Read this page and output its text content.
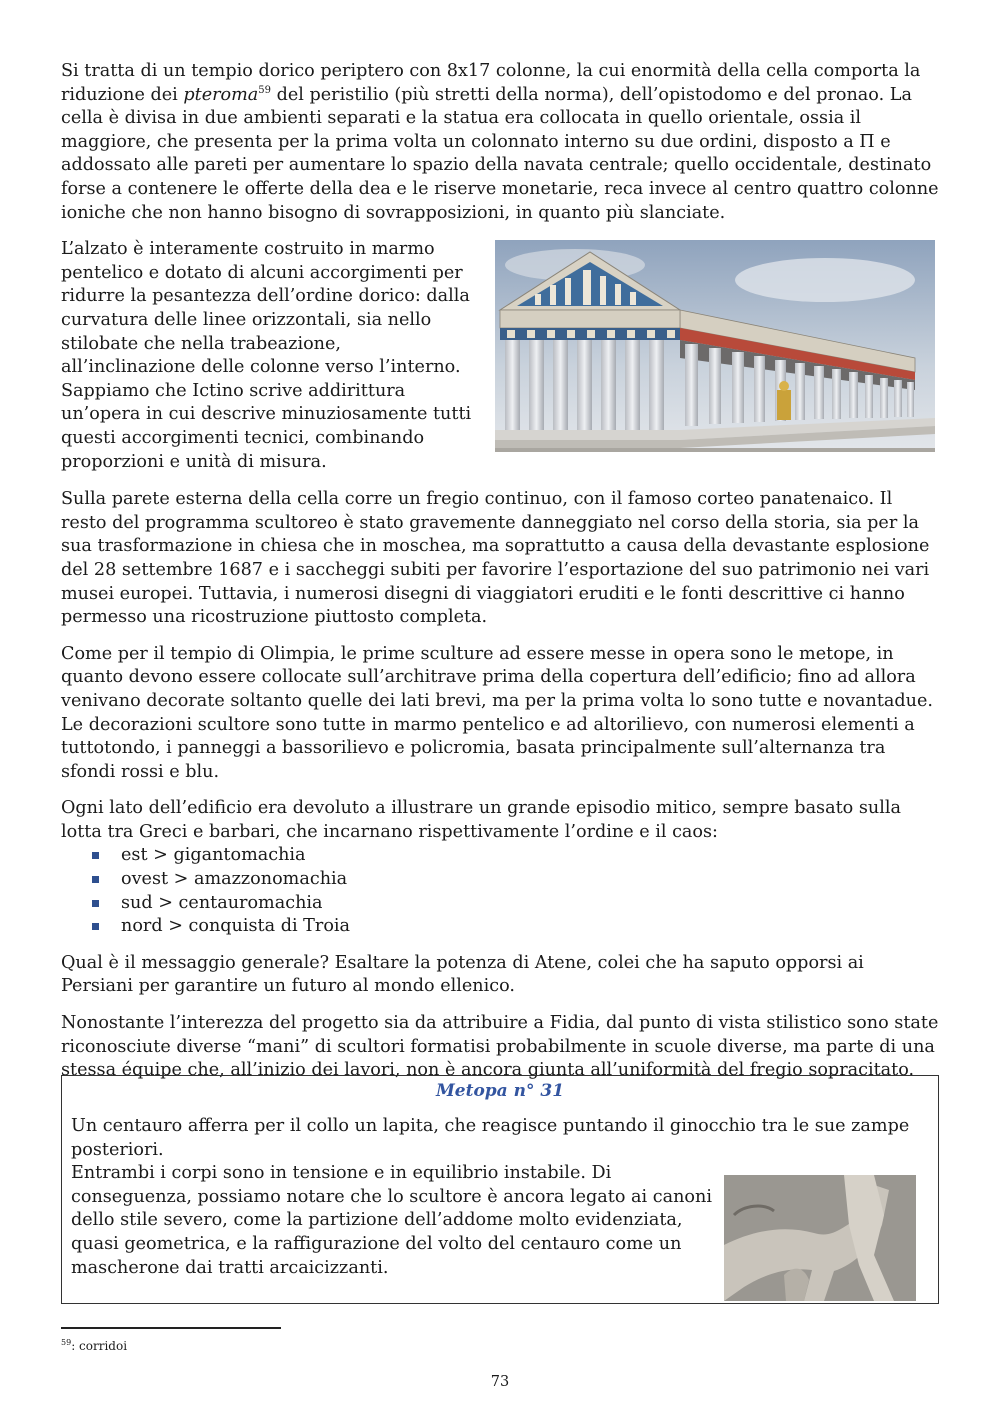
Si tratta di un tempio dorico periptero con 8x17 colonne, la cui enormità della cella comporta la riduzione dei pteroma$^{59}$ del peristilio (più stretti della norma), dell’opistodomo e del pronao. La cella è divisa in due ambienti separati e la statua era collocata in quello orientale, ossia il maggiore, che presenta per la prima volta un colonnato interno su due ordini, disposto a Π e addossato alle pareti per aumentare lo spazio della navata centrale; quello occidentale, destinato forse a contenere le offerte della dea e le riserve monetarie, reca invece al centro quattro colonne ioniche che non hanno bisogno di sovrapposizioni, in quanto più slanciate.

L’alzato è interamente costruito in marmo pentelico e dotato di alcuni accorgimenti per ridurre la pesantezza dell’ordine dorico: dalla curvatura delle linee orizzontali, sia nello stilobate che nella trabeazione, all’inclinazione delle colonne verso l’interno. Sappiamo che Ictino scrive addirittura un’opera in cui descrive minuziosamente tutti questi accorgimenti tecnici, combinando proporzioni e unità di misura.

Sulla parete esterna della cella corre un fregio continuo, con il famoso corteo panatenaico. Il resto del programma scultoreo è stato gravemente danneggiato nel corso della storia, sia per la sua trasformazione in chiesa che in moschea, ma soprattutto a causa della devastante esplosione del 28 settembre 1687 e i saccheggi subiti per favorire l’esportazione del suo patrimonio nei vari musei europei. Tuttavia, i numerosi disegni di viaggiatori eruditi e le fonti descrittive ci hanno permesso una ricostruzione piuttosto completa.

Come per il tempio di Olimpia, le prime sculture ad essere messe in opera sono le metope, in quanto devono essere collocate sull’architrave prima della copertura dell’edificio; fino ad allora venivano decorate soltanto quelle dei lati brevi, ma per la prima volta lo sono tutte e novantadue. Le decorazioni scultore sono tutte in marmo pentelico e ad altorilievo, con numerosi elementi a tuttotondo, i panneggi a bassorilievo e policromia, basata principalmente sull’alternanza tra sfondi rossi e blu.

Ogni lato dell’edificio era devoluto a illustrare un grande episodio mitico, sempre basato sulla lotta tra Greci e barbari, che incarnano rispettivamente l’ordine e il caos:

est > gigantomachia
ovest > amazzonomachia
sud > centauromachia
nord > conquista di Troia

Qual è il messaggio generale? Esaltare la potenza di Atene, colei che ha saputo opporsi ai Persiani per garantire un futuro al mondo ellenico.

Nonostante l’interezza del progetto sia da attribuire a Fidia, dal punto di vista stilistico sono state riconosciute diverse “mani” di scultori formatisi probabilmente in scuole diverse, ma parte di una stessa équipe che, all’inizio dei lavori, non è ancora giunta all’uniformità del fregio sopracitato.

Metopa n° 31

Un centauro afferra per il collo un lapita, che reagisce puntando il ginocchio tra le sue zampe posteriori.

Entrambi i corpi sono in tensione e in equilibrio instabile. Di conseguenza, possiamo notare che lo scultore è ancora legato ai canoni dello stile severo, come la partizione dell’addome molto evidenziata, quasi geometrica, e la raffigurazione del volto del centauro come un mascherone dai tratti arcaicizzanti.

$^{59}$: corridoi
73
